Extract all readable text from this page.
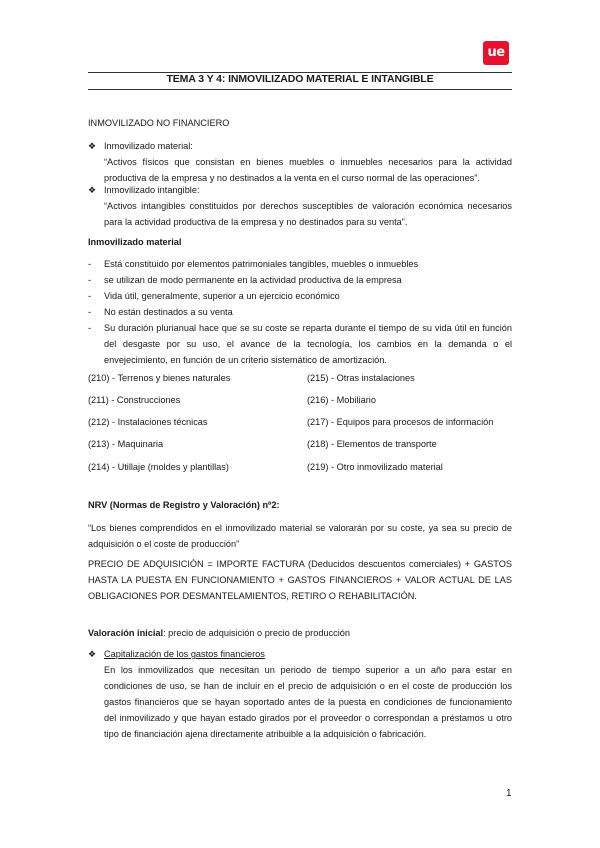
ue
TEMA 3 Y 4: INMOVILIZADO MATERIAL E INTANGIBLE
INMOVILIZADO NO FINANCIERO
❖ Inmovilizado material:
“Activos físicos que consistan en bienes muebles o inmuebles necesarios para la actividad productiva de la empresa y no destinados a la venta en el curso normal de las operaciones”.
❖ Inmovilizado intangible:
“Activos intangibles constituidos por derechos susceptibles de valoración económica necesarios para la actividad productiva de la empresa y no destinados para su venta”.
Inmovilizado material
- Está constituido por elementos patrimoniales tangibles, muebles o inmuebles
- se utilizan de modo permanente en la actividad productiva de la empresa
- Vida útil, generalmente, superior a un ejercicio económico
- No están destinados a su venta
- Su duración plurianual hace que se su coste se reparta durante el tiempo de su vida útil en función del desgaste por su uso, el avance de la tecnología, los cambios en la demanda o el envejecimiento, en función de un criterio sistemático de amortización.
(210) - Terrenos y bienes naturales
(211) - Construcciones
(212) - Instalaciones técnicas
(213) - Maquinaria
(214) - Utillaje (moldes y plantillas)
(215) - Otras instalaciones
(216) - Mobiliario
(217) - Equipos para procesos de información
(218) - Elementos de transporte
(219) - Otro inmovilizado material
NRV (Normas de Registro y Valoración) nº2:
“Los bienes comprendidos en el inmovilizado material se valorarán por su coste, ya sea su precio de adquisición o el coste de producción”
PRECIO DE ADQUISICIÓN = IMPORTE FACTURA (Deducidos descuentos comerciales) + GASTOS HASTA LA PUESTA EN FUNCIONAMIENTO + GASTOS FINANCIEROS + VALOR ACTUAL DE LAS OBLIGACIONES POR DESMANTELAMIENTOS, RETIRO O REHABILITACIÓN.
Valoración inicial: precio de adquisición o precio de producción
❖ Capitalización de los gastos financieros
En los inmovilizados que necesitan un periodo de tiempo superior a un año para estar en condiciones de uso, se han de incluir en el precio de adquisición o en el coste de producción los gastos financieros que se hayan soportado antes de la puesta en condiciones de funcionamiento del inmovilizado y que hayan estado girados por el proveedor o correspondan a préstamos u otro tipo de financiación ajena directamente atribuible a la adquisición o fabricación.
1
